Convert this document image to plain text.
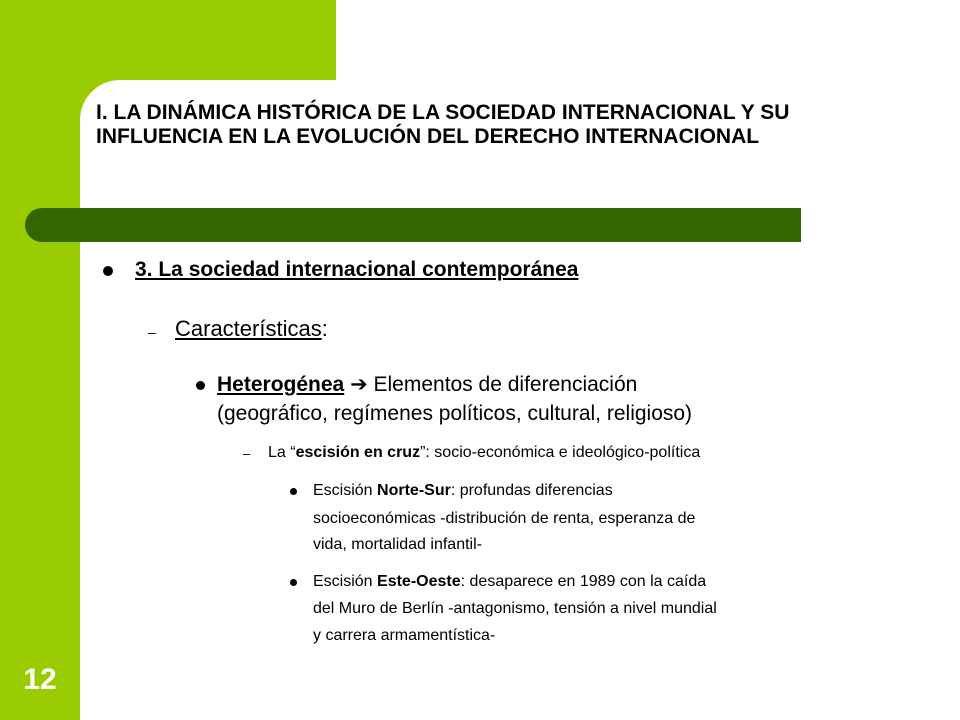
I. LA DINÁMICA HISTÓRICA DE LA SOCIEDAD INTERNACIONAL Y SU INFLUENCIA EN LA EVOLUCIÓN DEL DERECHO INTERNACIONAL
12
3. La sociedad internacional contemporánea
– Características:
Heterogénea ➔ Elementos de diferenciación
(geográfico, regímenes políticos, cultural, religioso)
– La “escisión en cruz”: socio-económica e ideológico-política
Escisión Norte-Sur: profundas diferencias
socioeconómicas -distribución de renta, esperanza de
vida, mortalidad infantil-
Escisión Este-Oeste: desaparece en 1989 con la caída
del Muro de Berlín -antagonismo, tensión a nivel mundial
y carrera armamentística-
